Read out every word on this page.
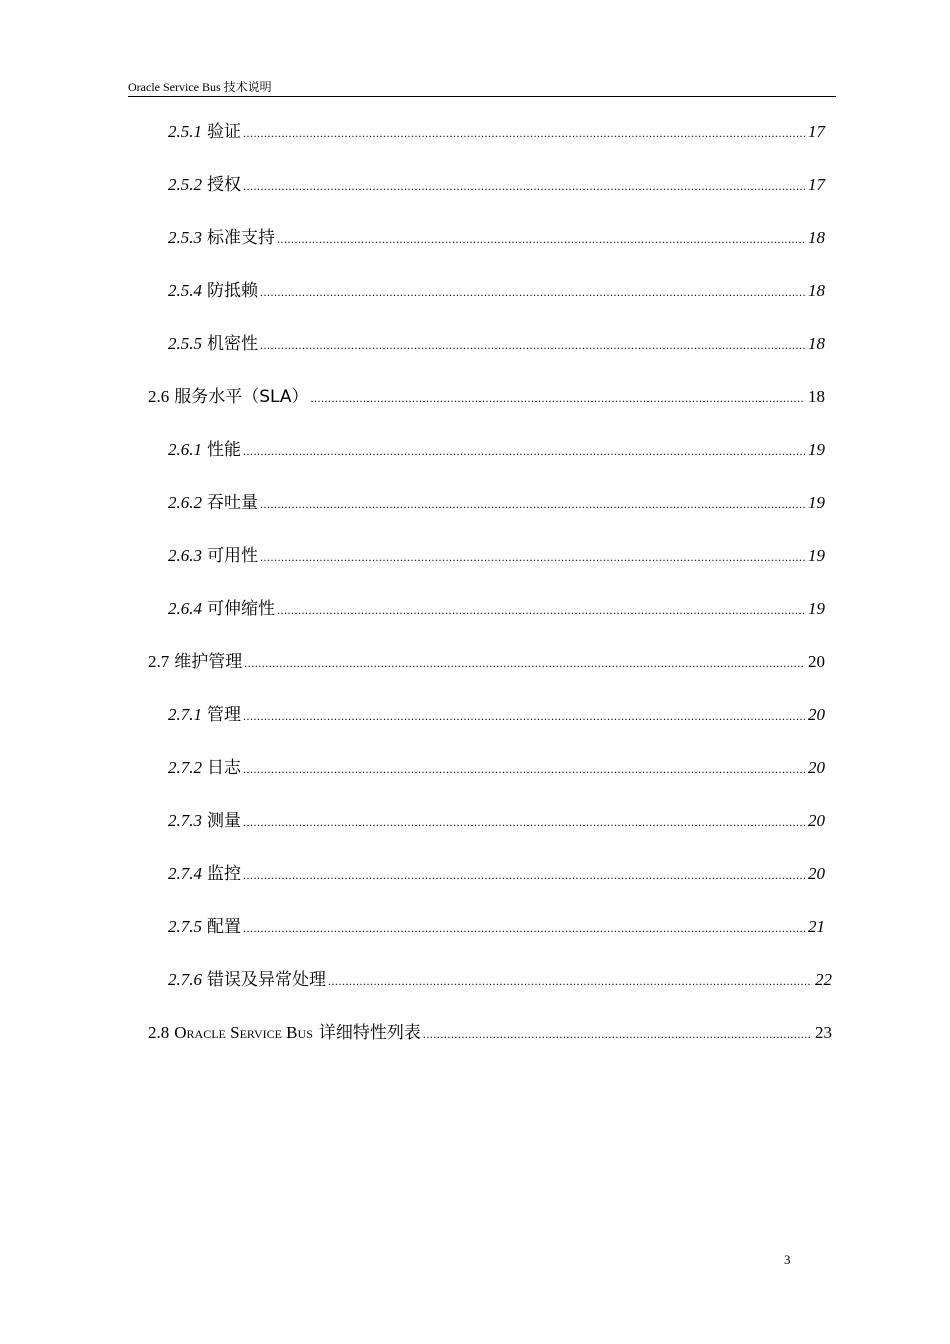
Oracle Service Bus 技术说明
2.5.1 验证 .....	17
2.5.2 授权 .....	17
2.5.3 标准支持 .....	18
2.5.4 防抵赖 .....	18
2.5.5 机密性 .....	18
2.6 服务水平（SLA） .....	18
2.6.1 性能 .....	19
2.6.2 吞吐量 .....	19
2.6.3 可用性 .....	19
2.6.4 可伸缩性 .....	19
2.7 维护管理 .....	20
2.7.1 管理 .....	20
2.7.2 日志 .....	20
2.7.3 测量 .....	20
2.7.4 监控 .....	20
2.7.5 配置 .....	21
2.7.6 错误及异常处理 .....	22
2.8 Oracle Service Bus 详细特性列表 .....	23
3
